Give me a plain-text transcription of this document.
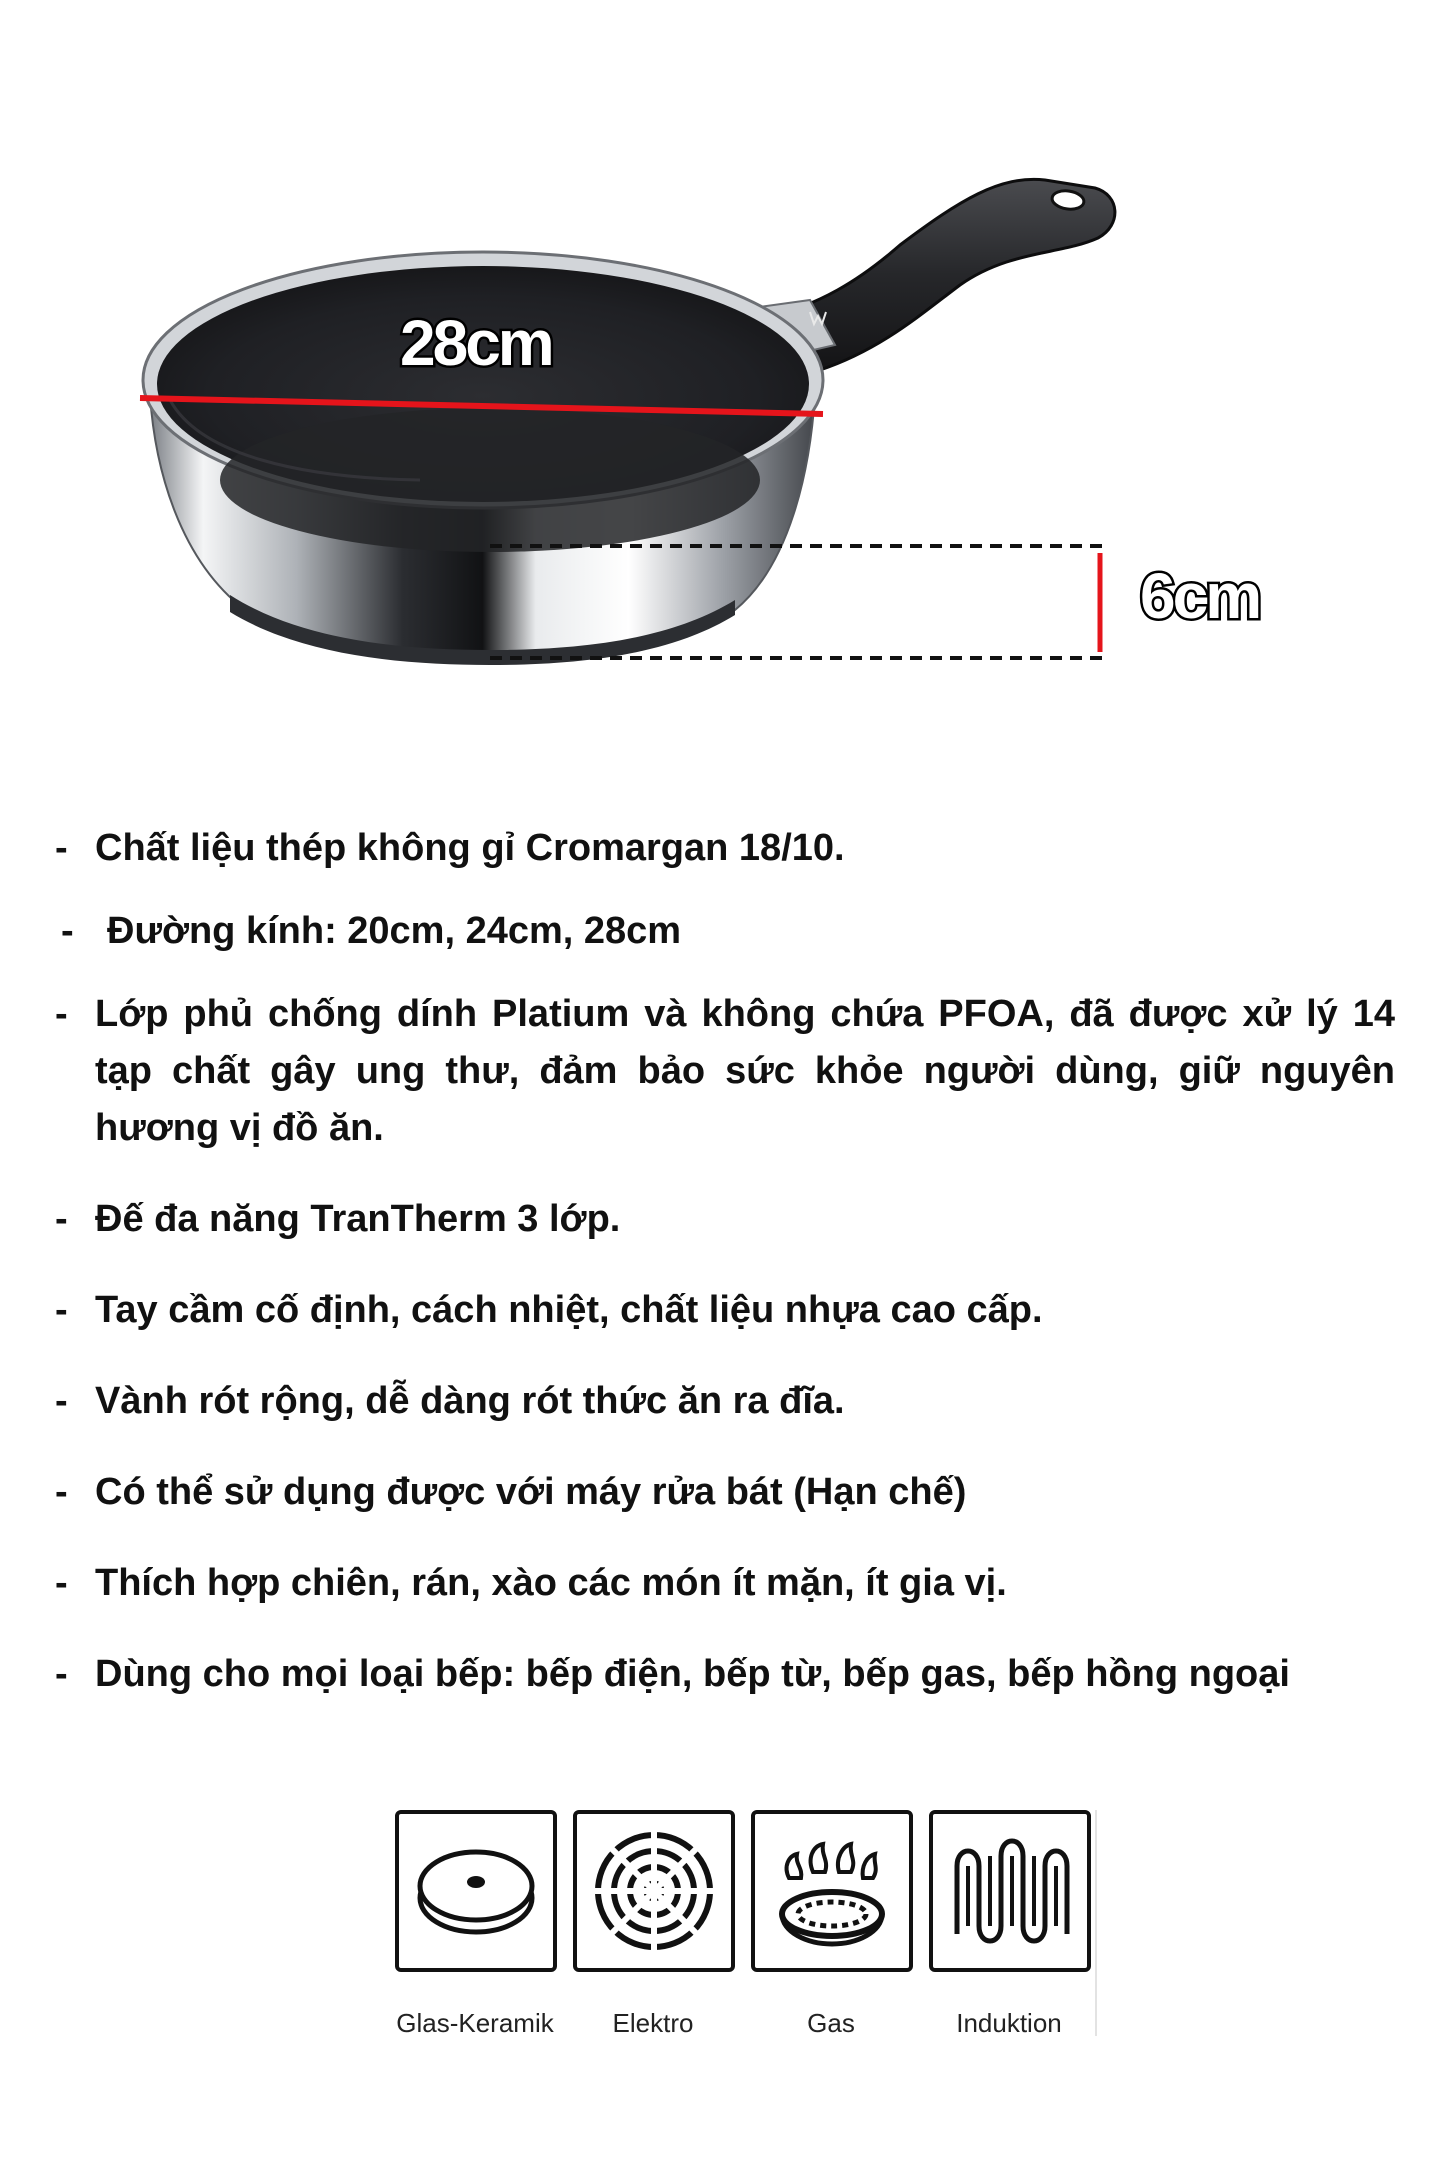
28cm
6cm
- Chất liệu thép không gỉ Cromargan 18/10.
- Đường kính: 20cm, 24cm, 28cm
- Lớp phủ chống dính Platium và không chứa PFOA, đã được xử lý 14 tạp chất gây ung thư, đảm bảo sức khỏe người dùng, giữ nguyên hương vị đồ ăn.
- Đế đa năng TranTherm 3 lớp.
- Tay cầm cố định, cách nhiệt, chất liệu nhựa cao cấp.
- Vành rót rộng, dễ dàng rót thức ăn ra đĩa.
- Có thể sử dụng được với máy rửa bát (Hạn chế)
- Thích hợp chiên, rán, xào các món ít mặn, ít gia vị.
- Dùng cho mọi loại bếp: bếp điện, bếp từ, bếp gas, bếp hồng ngoại
Glas-Keramik	Elektro	Gas	Induktion
